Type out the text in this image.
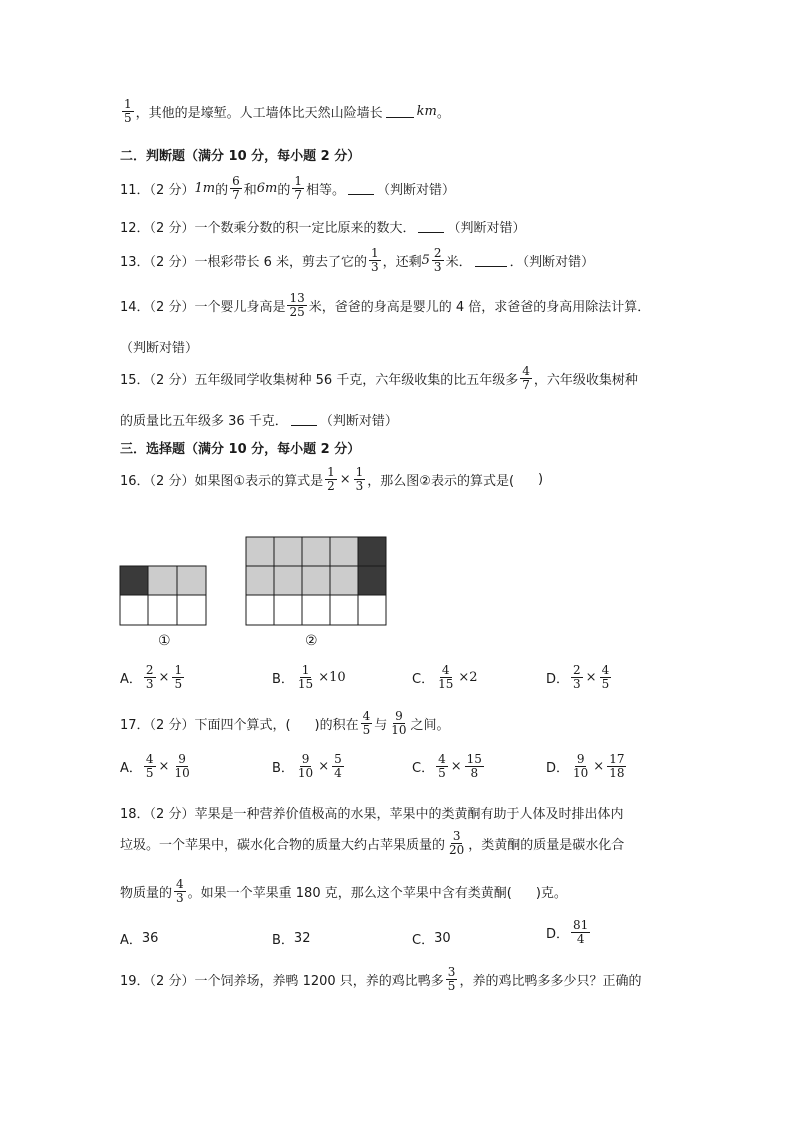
$\frac{1}{5}$ ，其他的是壕堑。人工墙体比天然山险墙长	km 。
二．判断题（满分 10 分，每小题 2 分）
11．（2 分） 1 m 的 $\frac{6}{7}$ 和 6 m 的 $\frac{1}{7}$ 相等。 （判断对错）
12．（2 分）一个数乘分数的积一定比原来的数大． （判断对错）
13．（2 分）一根彩带长 6 米，剪去了它的 $\frac{1}{3}$ ，还剩 $5 \frac{2}{3}$ 米．	．（判断对错）
14．（2 分）一个婴儿身高是 $\frac{13}{25}$ 米，爸爸的身高是婴儿的 4 倍，求爸爸的身高用除法计算．
（判断对错）
15．（2 分）五年级同学收集树种 56 千克，六年级收集的比五年级多 $\frac{4}{7}$ ，六年级收集树种
的质量比五年级多 36 千克． （判断对错）
三．选择题（满分 10 分，每小题 2 分）
16．（2 分）如果图①表示的算式是 $\frac{1}{2} \times \frac{1}{3}$ ，那么图②表示的算式是( )
①	②
A． $\frac{2}{3} \times \frac{1}{5}$	B． $\frac{1}{15} \times 10$	C． $\frac{4}{15} \times 2$	D． $\frac{2}{3} \times \frac{4}{5}$
17．（2 分）下面四个算式，( )的积在 $\frac{4}{5}$ 与 $\frac{9}{10}$ 之间。
A． $\frac{4}{5} \times \frac{9}{10}$	B． $\frac{9}{10} \times \frac{5}{4}$	C． $\frac{4}{5} \times \frac{15}{8}$	D． $\frac{9}{10} \times \frac{17}{18}$
18．（2 分）苹果是一种营养价值极高的水果，苹果中的类黄酮有助于人体及时排出体内
垃圾。一个苹果中，碳水化合物的质量大约占苹果质量的 $\frac{3}{20}$ ，类黄酮的质量是碳水化合
物质量的 $\frac{4}{3}$ 。如果一个苹果重 180 克，那么这个苹果中含有类黄酮( )克。
A． 36	B． 32	C． 30	D． $\frac{81}{4}$
19．（2 分）一个饲养场，养鸭 1200 只，养的鸡比鸭多 $\frac{3}{5}$ ，养的鸡比鸭多多少只？正确的
